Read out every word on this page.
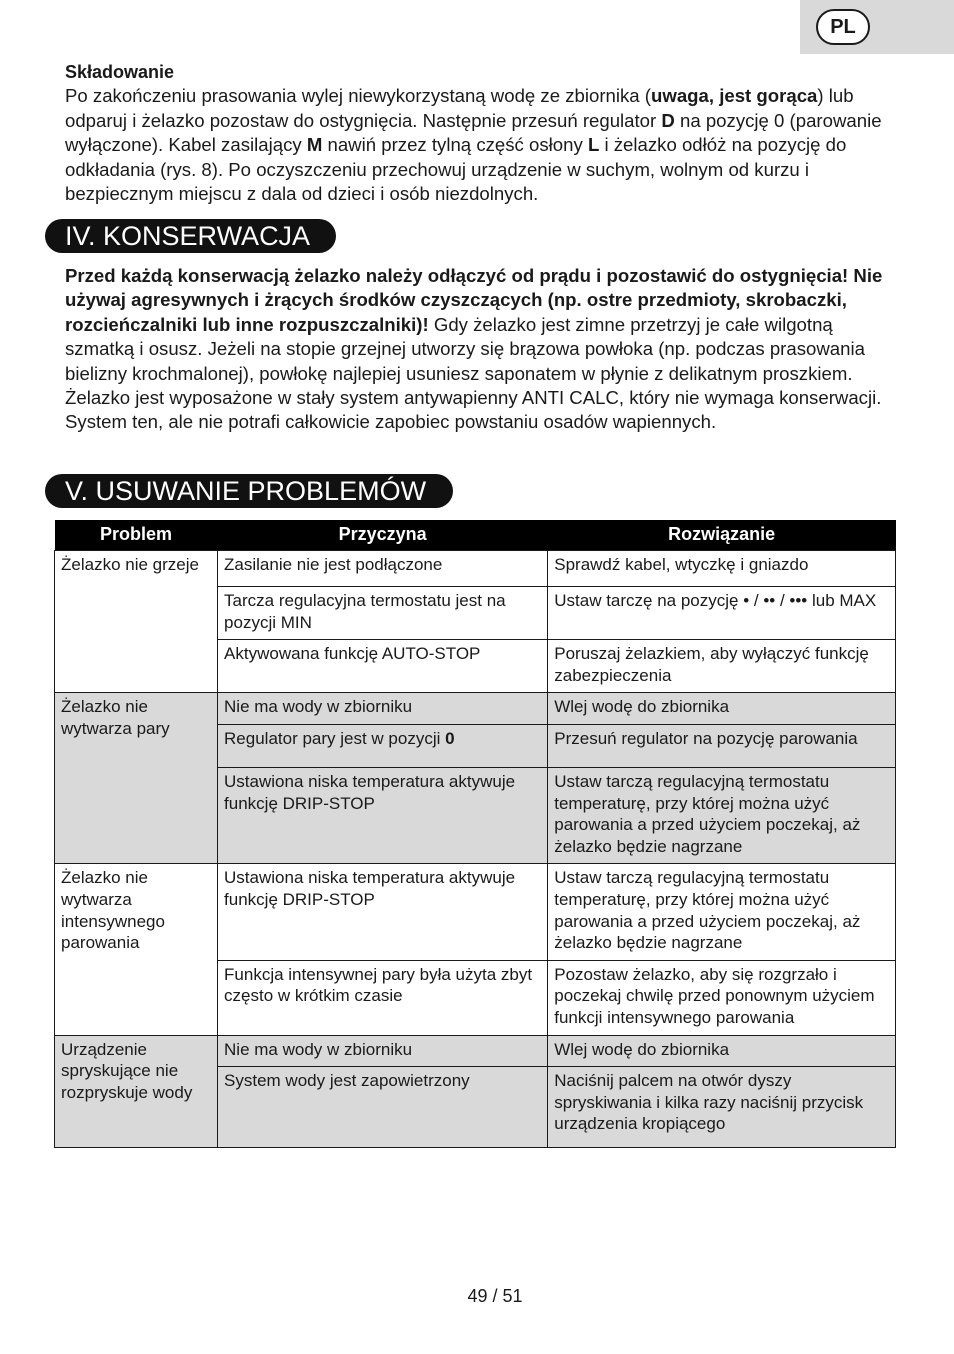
PL
Składowanie

Po zakończeniu prasowania wylej niewykorzystaną wodę ze zbiornika (uwaga, jest gorąca) lub odparuj i żelazko pozostaw do ostygnięcia. Następnie przesuń regulator D na pozycję 0 (parowanie wyłączone). Kabel zasilający M nawiń przez tylną część osłony L i żelazko odłóż na pozycję do odkładania (rys. 8). Po oczyszczeniu przechowuj urządzenie w suchym, wolnym od kurzu i bezpiecznym miejscu z dala od dzieci i osób niezdolnych.

IV. KONSERWACJA

Przed każdą konserwacją żelazko należy odłączyć od prądu i pozostawić do ostygnięcia! Nie używaj agresywnych i żrących środków czyszczących (np. ostre przedmioty, skrobaczki, rozcieńczalniki lub inne rozpuszczalniki)! Gdy żelazko jest zimne przetrzyj je całe wilgotną szmatką i osusz. Jeżeli na stopie grzejnej utworzy się brązowa powłoka (np. podczas prasowania bielizny krochmalonej), powłokę najlepiej usuniesz saponatem w płynie z delikatnym proszkiem. Żelazko jest wyposażone w stały system antywapienny ANTI CALC, który nie wymaga konserwacji. System ten, ale nie potrafi całkowicie zapobiec powstaniu osadów wapiennych.

V. USUWANIE PROBLEMÓW
Problem	Przyczyna	Rozwiązanie
Żelazko nie grzeje	Zasilanie nie jest podłączone	Sprawdź kabel, wtyczkę i gniazdo
	Tarcza regulacyjna termostatu jest na pozycji MIN	Ustaw tarczę na pozycję • / •• / ••• lub MAX
	Aktywowana funkcję AUTO-STOP	Poruszaj żelazkiem, aby wyłączyć funkcję zabezpieczenia
Żelazko nie wytwarza pary	Nie ma wody w zbiorniku	Wlej wodę do zbiornika
	Regulator pary jest w pozycji 0	Przesuń regulator na pozycję parowania
	Ustawiona niska temperatura aktywuje funkcję DRIP-STOP	Ustaw tarczą regulacyjną termostatu temperaturę, przy której można użyć parowania a przed użyciem poczekaj, aż żelazko będzie nagrzane
Żelazko nie wytwarza intensywnego parowania	Ustawiona niska temperatura aktywuje funkcję DRIP-STOP	Ustaw tarczą regulacyjną termostatu temperaturę, przy której można użyć parowania a przed użyciem poczekaj, aż żelazko będzie nagrzane
	Funkcja intensywnej pary była użyta zbyt często w krótkim czasie	Pozostaw żelazko, aby się rozgrzało i poczekaj chwilę przed ponownym użyciem funkcji intensywnego parowania
Urządzenie spryskujące nie rozpryskuje wody	Nie ma wody w zbiorniku	Wlej wodę do zbiornika
	System wody jest zapowietrzony	Naciśnij palcem na otwór dyszy spryskiwania i kilka razy naciśnij przycisk urządzenia kropiącego
49 / 51
